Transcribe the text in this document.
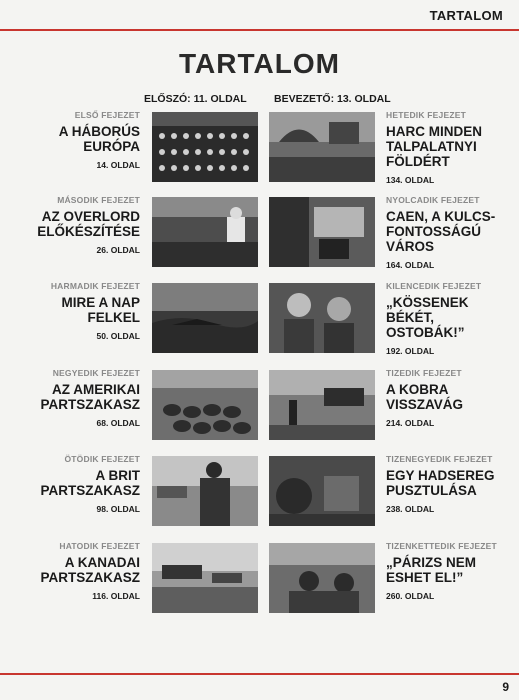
TARTALOM
TARTALOM
ELŐSZÓ: 11. OLDAL	BEVEZETŐ: 13. OLDAL
ELSŐ FEJEZET
A HÁBORÚS
EURÓPA
14. OLDAL
HETEDIK FEJEZET
HARC MINDEN
TALPALATNYI
FÖLDÉRT
134. OLDAL
MÁSODIK FEJEZET
AZ OVERLORD
ELŐKÉSZÍTÉSE
26. OLDAL
NYOLCADIK FEJEZET
CAEN, A KULCS-
FONTOSSÁGÚ
VÁROS
164. OLDAL
HARMADIK FEJEZET
MIRE A NAP
FELKEL
50. OLDAL
KILENCEDIK FEJEZET
„KÖSSENEK BÉKÉT,
OSTOBÁK!”
192. OLDAL
NEGYEDIK FEJEZET
AZ AMERIKAI
PARTSZAKASZ
68. OLDAL
TIZEDIK FEJEZET
A KOBRA
VISSZAVÁG
214. OLDAL
ÖTÖDIK FEJEZET
A BRIT
PARTSZAKASZ
98. OLDAL
TIZENEGYEDIK FEJEZET
EGY HADSEREG
PUSZTULÁSA
238. OLDAL
HATODIK FEJEZET
A KANADAI
PARTSZAKASZ
116. OLDAL
TIZENKETTEDIK FEJEZET
„PÁRIZS NEM
ESHET EL!”
260. OLDAL
9
